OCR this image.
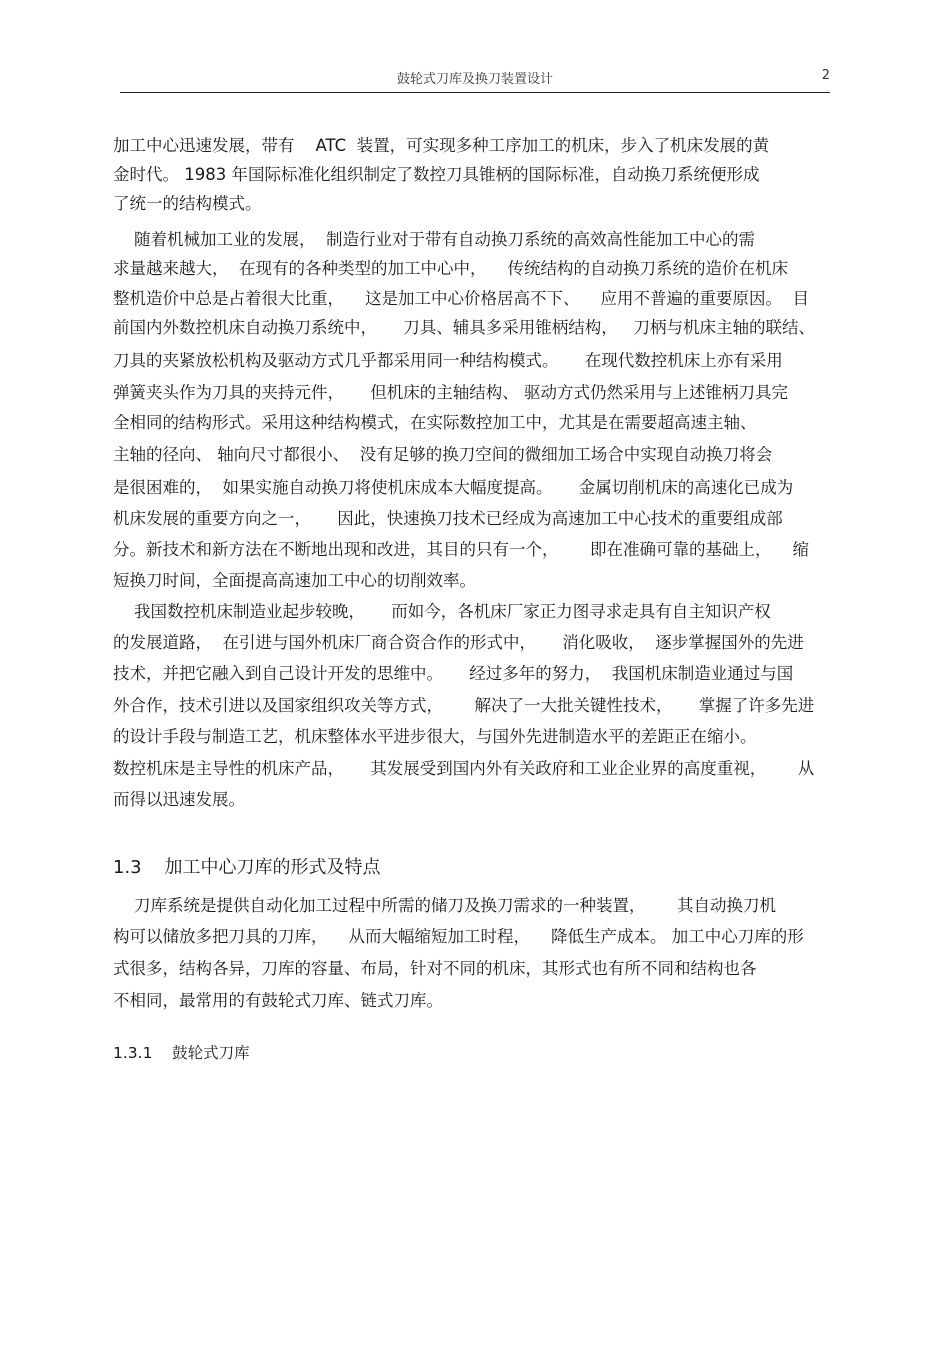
鼓轮式刀库及换刀装置设计	2
加工中心迅速发展，带有    ATC  装置，可实现多种工序加工的机床，步入了机床发展的黄
金时代。 1983 年国际标准化组织制定了数控刀具锥柄的国际标准，自动换刀系统便形成
了统一的结构模式。
随着机械加工业的发展，  制造行业对于带有自动换刀系统的高效高性能加工中心的需
求量越来越大，  在现有的各种类型的加工中心中，    传统结构的自动换刀系统的造价在机床
整机造价中总是占着很大比重，    这是加工中心价格居高不下、    应用不普遍的重要原因。  目
前国内外数控机床自动换刀系统中，     刀具、辅具多采用锥柄结构，   刀柄与机床主轴的联结、
刀具的夹紧放松机构及驱动方式几乎都采用同一种结构模式。     在现代数控机床上亦有采用
弹簧夹头作为刀具的夹持元件，     但机床的主轴结构、 驱动方式仍然采用与上述锥柄刀具完
全相同的结构形式。采用这种结构模式，在实际数控加工中，尤其是在需要超高速主轴、
主轴的径向、 轴向尺寸都很小、  没有足够的换刀空间的微细加工场合中实现自动换刀将会
是很困难的，  如果实施自动换刀将使机床成本大幅度提高。     金属切削机床的高速化已成为
机床发展的重要方向之一，     因此，快速换刀技术已经成为高速加工中心技术的重要组成部
分。新技术和新方法在不断地出现和改进，其目的只有一个，      即在准确可靠的基础上，    缩
短换刀时间，全面提高高速加工中心的切削效率。
我国数控机床制造业起步较晚，     而如今，各机床厂家正力图寻求走具有自主知识产权
的发展道路，  在引进与国外机床厂商合资合作的形式中，     消化吸收，  逐步掌握国外的先进
技术，并把它融入到自己设计开发的思维中。     经过多年的努力，  我国机床制造业通过与国
外合作，技术引进以及国家组织攻关等方式，      解决了一大批关键性技术，     掌握了许多先进
的设计手段与制造工艺，机床整体水平进步很大，与国外先进制造水平的差距正在缩小。
数控机床是主导性的机床产品，     其发展受到国内外有关政府和工业企业界的高度重视，      从
而得以迅速发展。
1.3 加工中心刀库的形式及特点
刀库系统是提供自动化加工过程中所需的储刀及换刀需求的一种装置，      其自动换刀机
构可以储放多把刀具的刀库，    从而大幅缩短加工时程，    降低生产成本。 加工中心刀库的形
式很多，结构各异，刀库的容量、布局，针对不同的机床，其形式也有所不同和结构也各
不相同，最常用的有鼓轮式刀库、链式刀库。
1.3.1 鼓轮式刀库
